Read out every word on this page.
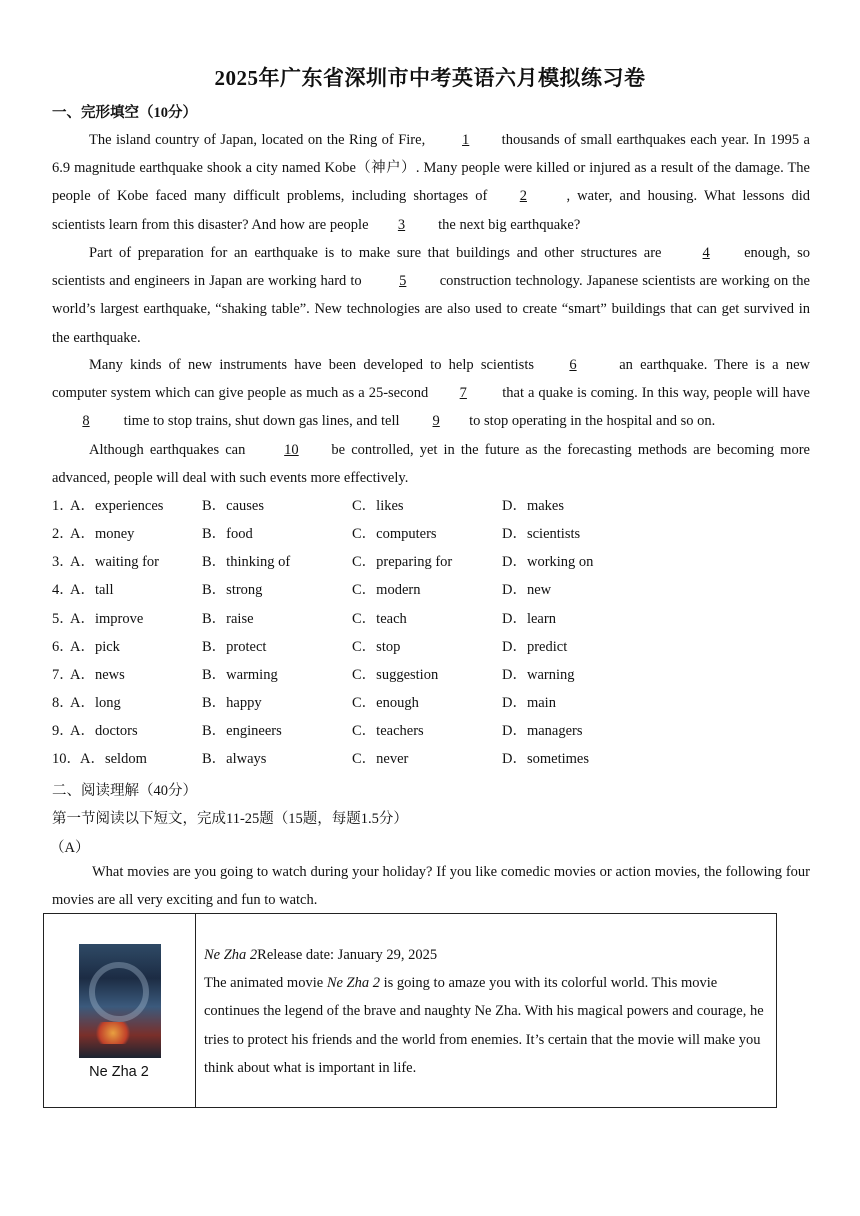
2025年广东省深圳市中考英语六月模拟练习卷
一、完形填空（10分）
The island country of Japan, located on the Ring of Fire, 1 thousands of small earthquakes each year. In 1995 a 6.9 magnitude earthquake shook a city named Kobe（神户）. Many people were killed or injured as a result of the damage. The people of Kobe faced many difficult problems, including shortages of 2 , water, and housing. What lessons did scientists learn from this disaster? And how are people 3 the next big earthquake?
Part of preparation for an earthquake is to make sure that buildings and other structures are 4 enough, so scientists and engineers in Japan are working hard to 5 construction technology. Japanese scientists are working on the world’s largest earthquake, “shaking table”. New technologies are also used to create “smart” buildings that can get survived in the earthquake.
Many kinds of new instruments have been developed to help scientists 6 an earthquake. There is a new computer system which can give people as much as a 25-second 7 that a quake is coming. In this way, people will have8 time to stop trains, shut down gas lines, and tell 9 to stop operating in the hospital and so on.
Although earthquakes can 10 be controlled, yet in the future as the forecasting methods are becoming more advanced, people will deal with such events more effectively.
1．
A．experiences	B．causes	C．likes	D．makes
2．
A．money	B．food	C．computers	D．scientists
3．
A．waiting for	B．thinking of	C．preparing for	D．working on
4．
A．tall	B．strong	C．modern	D．new
5．
A．improve	B．raise	C．teach	D．learn
6．
A．pick	B．protect	C．stop	D．predict
7．
A．news	B．warming	C．suggestion	D．warning
8．
A．long	B．happy	C．enough	D．main
9．
A．doctors	B．engineers	C．teachers	D．managers
10． A．seldom	B．always	C．never	D．sometimes
二、阅读理解（40分）
第一节阅读以下短文，完成11-25题（15题，每题1.5分）
（A）
What movies are you going to watch during your holiday? If you like comedic movies or action movies, the following four movies are all very exciting and fun to watch.
Ne Zha 2
Ne Zha 2Release date: January 29, 2025
The animated movie Ne Zha 2 is going to amaze you with its colorful world. This movie continues the legend of the brave and naughty Ne Zha. With his magical powers and courage, he tries to protect his friends and the world from enemies. It’s certain that the movie will make you think about what is important in life.
